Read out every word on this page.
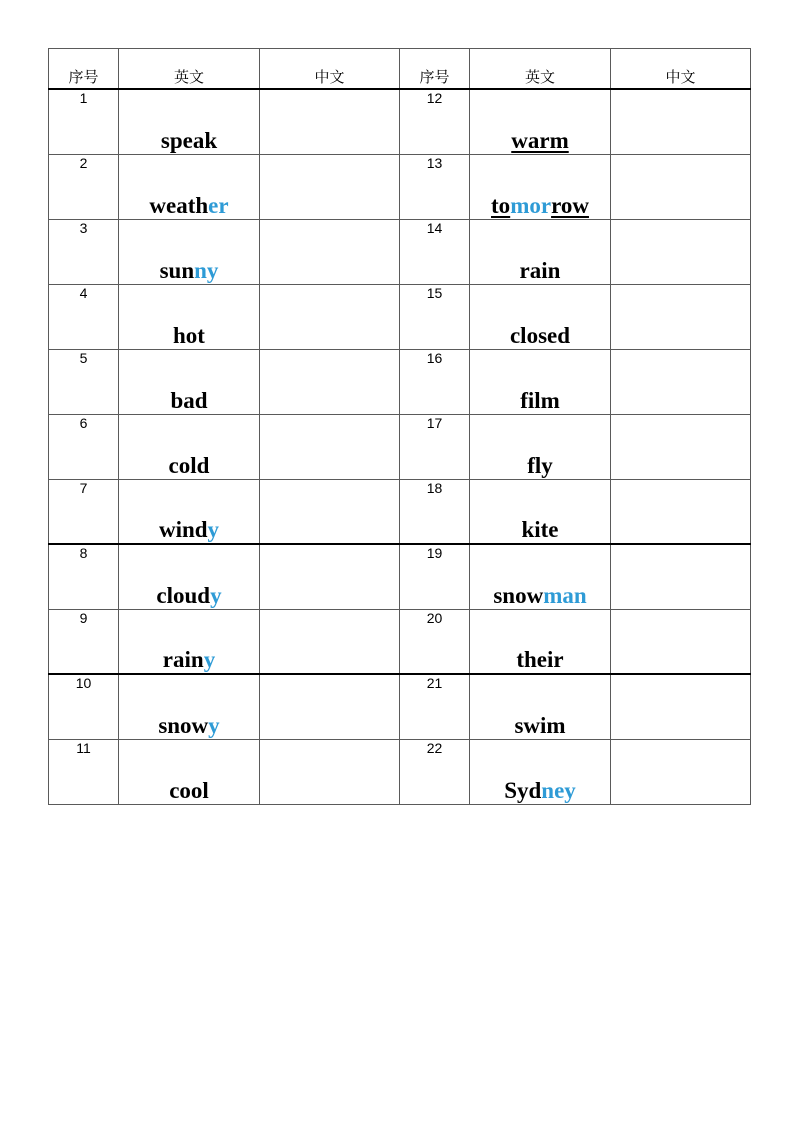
序号	英文	中文	序号	英文	中文
1	speak		12	warm	
2	weather		13	tomorrow	
3	sunny		14	rain	
4	hot		15	closed	
5	bad		16	film	
6	cold		17	fly	
7	windy		18	kite	
8	cloudy		19	snowman	
9	rainy		20	their	
10	snowy		21	swim	
11	cool		22	Sydney	
